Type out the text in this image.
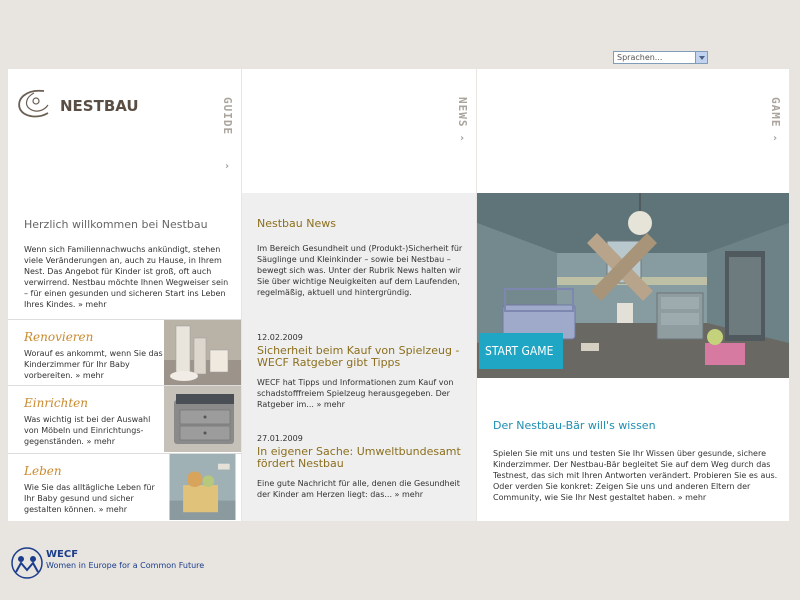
Sprachen...
NESTBAU	GUIDE
›
Herzlich willkommen bei Nestbau
Wenn sich Familiennachwuchs ankündigt, stehen viele Veränderungen an, auch zu Hause, in Ihrem Nest. Das Angebot für Kinder ist groß, oft auch verwirrend. Nestbau möchte Ihnen Wegweiser sein – für einen gesunden und sicheren Start ins Leben Ihres Kindes. » mehr
Renovieren
Worauf es ankommt, wenn Sie das Kinderzimmer für Ihr Baby vorbereiten. » mehr
Einrichten
Was wichtig ist bei der Auswahl von Möbeln und Einrichtungs-gegenständen. » mehr
Leben
Wie Sie das alltägliche Leben für Ihr Baby gesund und sicher gestalten können. » mehr
NEWS
›
Nestbau News
Im Bereich Gesundheit und (Produkt-)Sicherheit für Säuglinge und Kleinkinder – sowie bei Nestbau – bewegt sich was. Unter der Rubrik News halten wir Sie über wichtige Neuigkeiten auf dem Laufenden, regelmäßig, aktuell und hintergründig.
12.02.2009
Sicherheit beim Kauf von Spielzeug - WECF Ratgeber gibt Tipps
WECF hat Tipps und Informationen zum Kauf von schadstofffreiem Spielzeug herausgegeben. Der Ratgeber im... » mehr
27.01.2009
In eigener Sache: Umweltbundesamt fördert Nestbau
Eine gute Nachricht für alle, denen die Gesundheit der Kinder am Herzen liegt: das... » mehr
GAME
›
START GAME
Der Nestbau-Bär will's wissen
Spielen Sie mit uns und testen Sie Ihr Wissen über gesunde, sichere Kinderzimmer. Der Nestbau-Bär begleitet Sie auf dem Weg durch das Testnest, das sich mit Ihren Antworten verändert. Probieren Sie es aus. Oder verden Sie konkret: Zeigen Sie uns und anderen Eltern der Community, wie Sie Ihr Nest gestaltet haben. » mehr
WECF
Women in Europe for a Common Future
